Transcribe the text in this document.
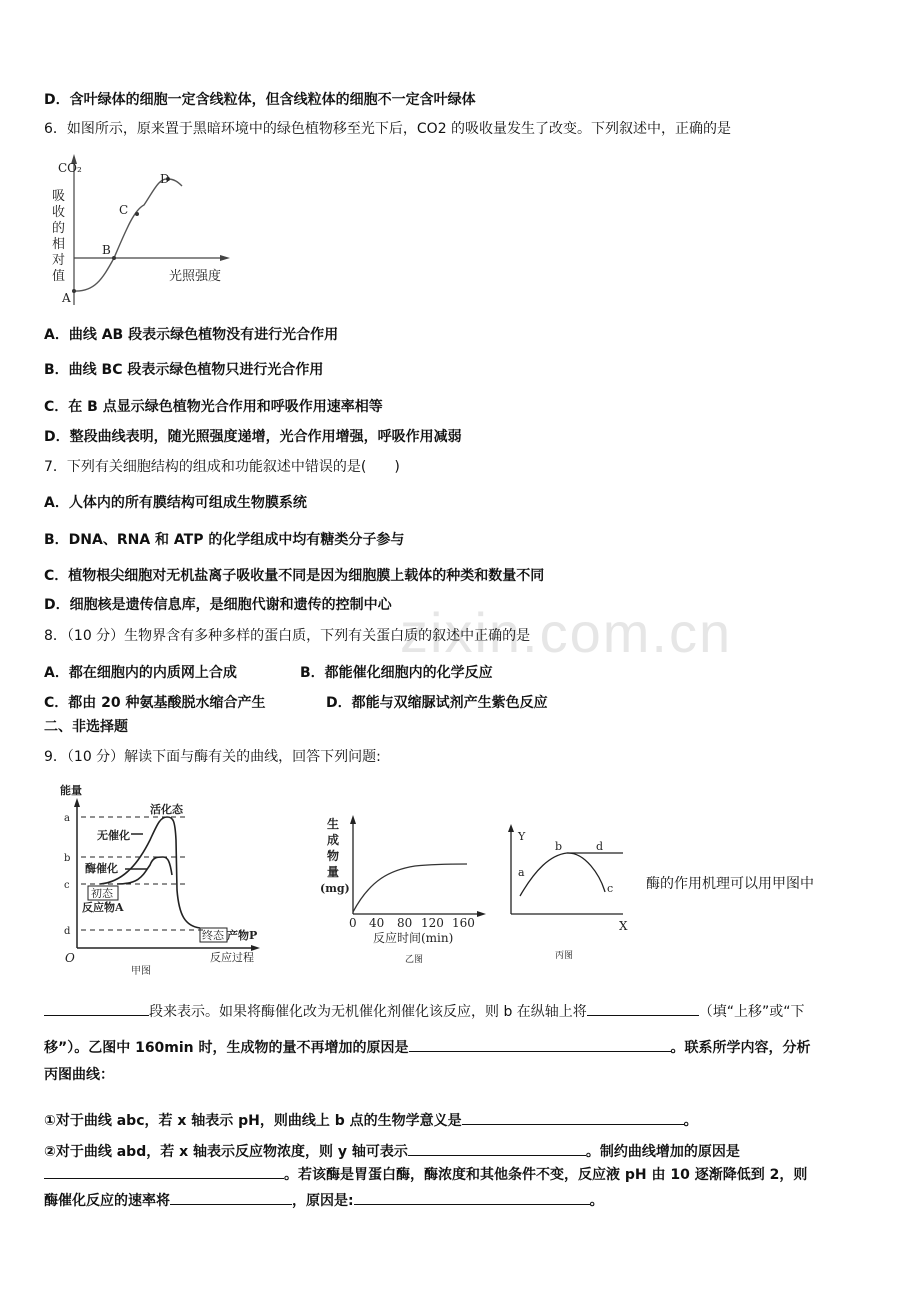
zixin.com.cn
D．含叶绿体的细胞一定含线粒体，但含线粒体的细胞不一定含叶绿体
6．如图所示，原来置于黑暗环境中的绿色植物移至光下后，CO2 的吸收量发生了改变。下列叙述中，正确的是
CO₂
吸
收
的
相
对
值	光照强度
A
B
C
D
A．曲线 AB 段表示绿色植物没有进行光合作用
B．曲线 BC 段表示绿色植物只进行光合作用
C．在 B 点显示绿色植物光合作用和呼吸作用速率相等
D．整段曲线表明，随光照强度递增，光合作用增强，呼吸作用减弱
7．下列有关细胞结构的组成和功能叙述中错误的是(　　)
A．人体内的所有膜结构可组成生物膜系统
B．DNA、RNA 和 ATP 的化学组成中均有糖类分子参与
C．植物根尖细胞对无机盐离子吸收量不同是因为细胞膜上载体的种类和数量不同
D．细胞核是遗传信息库，是细胞代谢和遗传的控制中心
8．（10 分）生物界含有多种多样的蛋白质，下列有关蛋白质的叙述中正确的是
A．都在细胞内的内质网上合成	B．都能催化细胞内的化学反应
C．都由 20 种氨基酸脱水缩合产生	D．都能与双缩脲试剂产生紫色反应
二、非选择题
9．（10 分）解读下面与酶有关的曲线，回答下列问题:
能量
a
b
c
d
O	反应过程
活化态
无催化
酶催化
初态
反应物A
终态 产物P
甲图
生
成
物
量
(mg)
0 40 80 120 160
反应时间(min)
乙图
Y
X
b	d
a
c
丙图
酶的作用机理可以用甲图中
段来表示。如果将酶催化改为无机催化剂催化该反应，则 b 在纵轴上将	（填“上移”或“下
移”）。乙图中 160min 时，生成物的量不再增加的原因是	。联系所学内容，分析
丙图曲线：
①对于曲线 abc，若 x 轴表示 pH，则曲线上 b 点的生物学意义是	。
②对于曲线 abd，若 x 轴表示反应物浓度，则 y 轴可表示	。制约曲线增加的原因是
。若该酶是胃蛋白酶，酶浓度和其他条件不变，反应液 pH 由 10 逐渐降低到 2，则
酶催化反应的速率将	，原因是:	。
